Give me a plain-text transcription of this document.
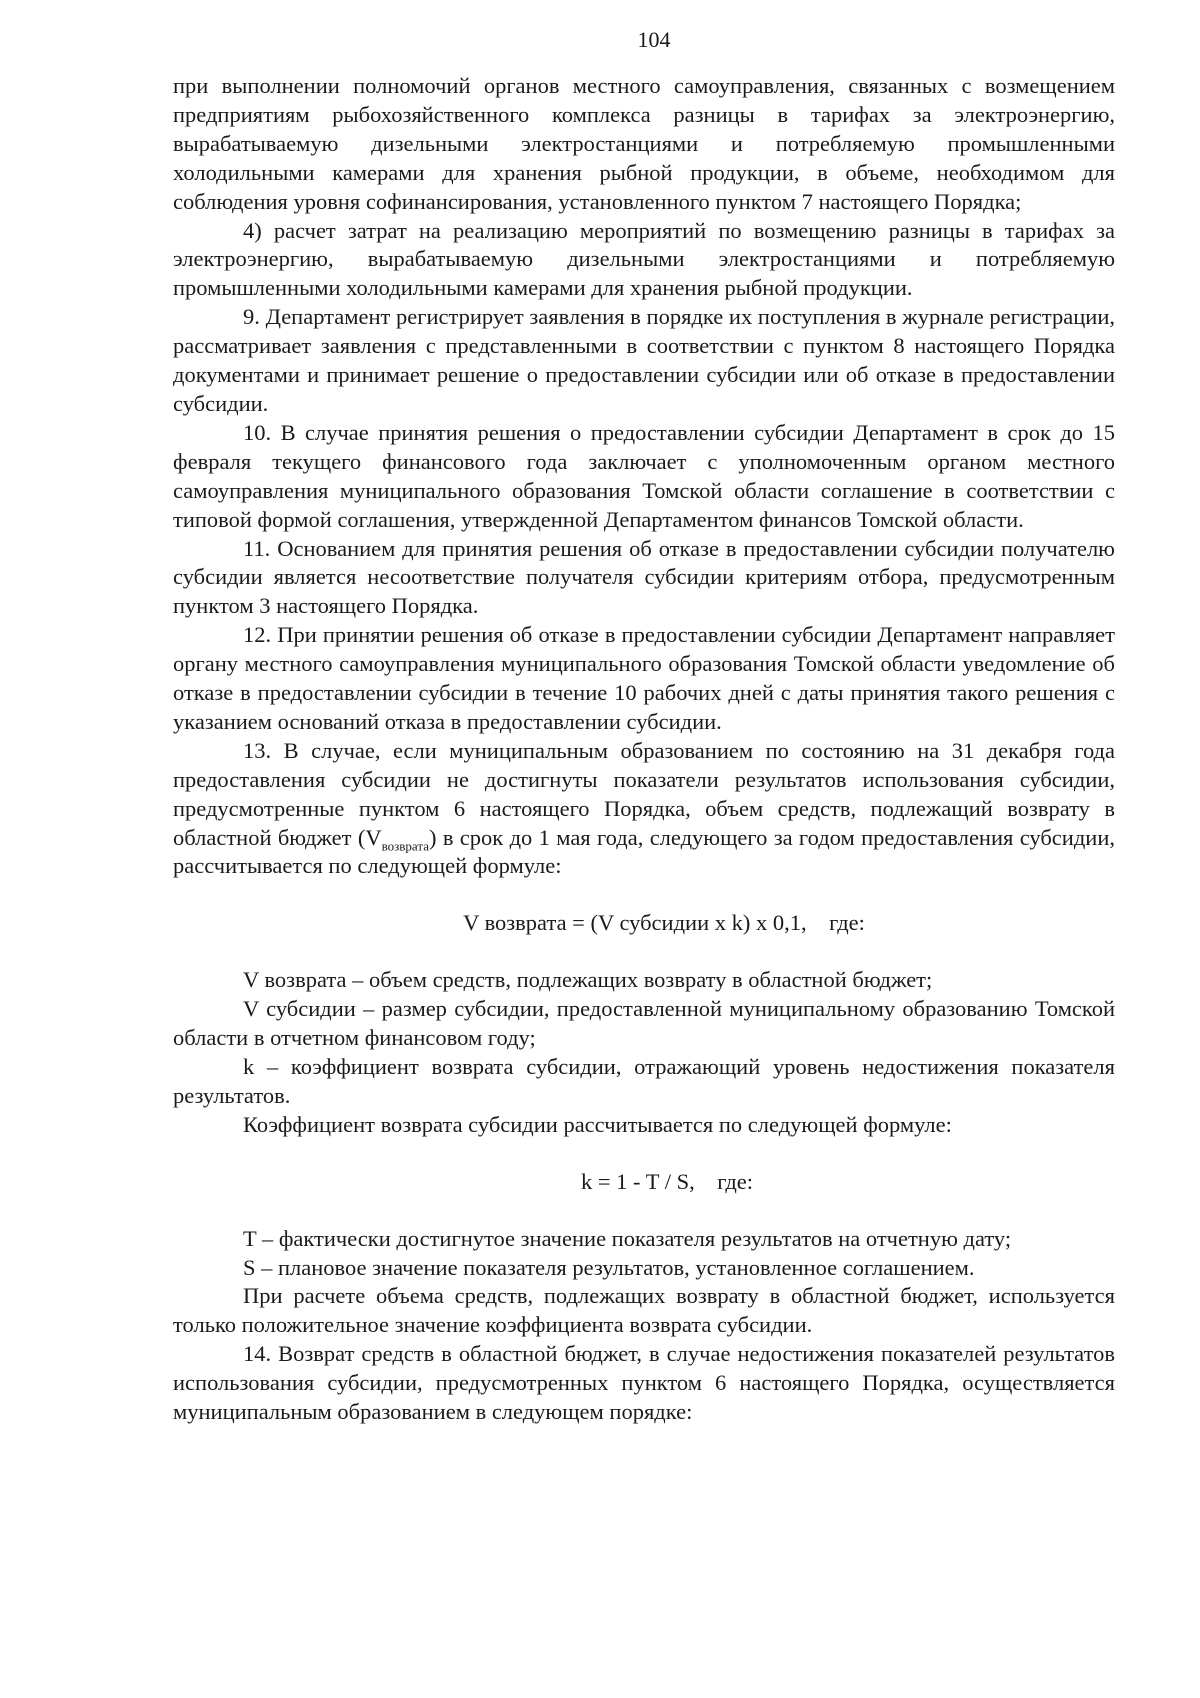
104

при выполнении полномочий органов местного самоуправления, связанных с возмещением предприятиям рыбохозяйственного комплекса разницы в тарифах за электроэнергию, вырабатываемую дизельными электростанциями и потребляемую промышленными холодильными камерами для хранения рыбной продукции, в объеме, необходимом для соблюдения уровня софинансирования, установленного пунктом 7 настоящего Порядка;

4) расчет затрат на реализацию мероприятий по возмещению разницы в тарифах за электроэнергию, вырабатываемую дизельными электростанциями и потребляемую промышленными холодильными камерами для хранения рыбной продукции.

9. Департамент регистрирует заявления в порядке их поступления в журнале регистрации, рассматривает заявления с представленными в соответствии с пунктом 8 настоящего Порядка документами и принимает решение о предоставлении субсидии или об отказе в предоставлении субсидии.

10. В случае принятия решения о предоставлении субсидии Департамент в срок до 15 февраля текущего финансового года заключает с уполномоченным органом местного самоуправления муниципального образования Томской области соглашение в соответствии с типовой формой соглашения, утвержденной Департаментом финансов Томской области.

11. Основанием для принятия решения об отказе в предоставлении субсидии получателю субсидии является несоответствие получателя субсидии критериям отбора, предусмотренным пунктом 3 настоящего Порядка.

12. При принятии решения об отказе в предоставлении субсидии Департамент направляет органу местного самоуправления муниципального образования Томской области уведомление об отказе в предоставлении субсидии в течение 10 рабочих дней с даты принятия такого решения с указанием оснований отказа в предоставлении субсидии.

13. В случае, если муниципальным образованием по состоянию на 31 декабря года предоставления субсидии не достигнуты показатели результатов использования субсидии, предусмотренные пунктом 6 настоящего Порядка, объем средств, подлежащий возврату в областной бюджет $(V_{возврата})$ в срок до 1 мая года, следующего за годом предоставления субсидии, рассчитывается по следующей формуле:

V возврата = (V субсидии x k) x 0,1,    где:

V возврата – объем средств, подлежащих возврату в областной бюджет;

V субсидии – размер субсидии, предоставленной муниципальному образованию Томской области в отчетном финансовом году;

k – коэффициент возврата субсидии, отражающий уровень недостижения показателя результатов.

Коэффициент возврата субсидии рассчитывается по следующей формуле:

k = 1 - T / S,    где:

T – фактически достигнутое значение показателя результатов на отчетную дату;

S – плановое значение показателя результатов, установленное соглашением.

При расчете объема средств, подлежащих возврату в областной бюджет, используется только положительное значение коэффициента возврата субсидии.

14. Возврат средств в областной бюджет, в случае недостижения показателей результатов использования субсидии, предусмотренных пунктом 6 настоящего Порядка, осуществляется муниципальным образованием в следующем порядке:
